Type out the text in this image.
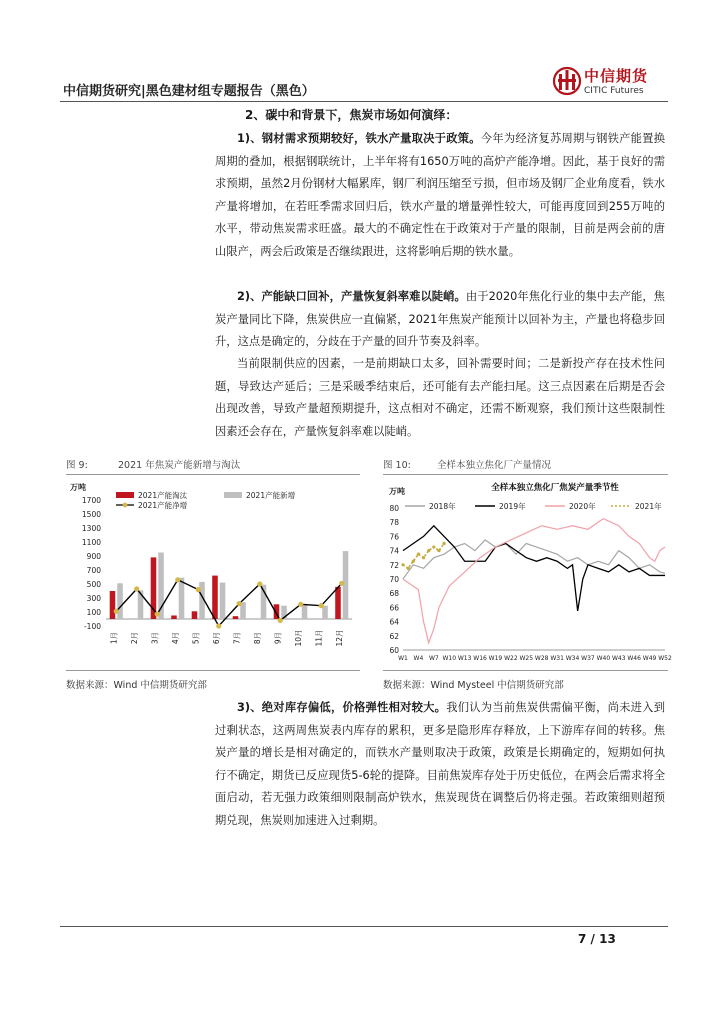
中信期货研究|黑色建材组专题报告（黑色）
中信期货
CITIC Futures
2、碳中和背景下，焦炭市场如何演绎：
1)、钢材需求预期较好，铁水产量取决于政策。今年为经济复苏周期与钢铁产能置换周期的叠加，根据钢联统计，上半年将有1650万吨的高炉产能净增。因此，基于良好的需求预期，虽然2月份钢材大幅累库，钢厂利润压缩至亏损，但市场及钢厂企业角度看，铁水产量将增加，在若旺季需求回归后，铁水产量的增量弹性较大，可能再度回到255万吨的水平，带动焦炭需求旺盛。最大的不确定性在于政策对于产量的限制，目前是两会前的唐山限产，两会后政策是否继续跟进，这将影响后期的铁水量。
2)、产能缺口回补，产量恢复斜率难以陡峭。由于2020年焦化行业的集中去产能，焦炭产量同比下降，焦炭供应一直偏紧，2021年焦炭产能预计以回补为主，产量也将稳步回升，这点是确定的，分歧在于产量的回升节奏及斜率。
当前限制供应的因素，一是前期缺口太多，回补需要时间；二是新投产存在技术性问题，导致达产延后；三是采暖季结束后，还可能有去产能扫尾。这三点因素在后期是否会出现改善，导致产量超预期提升，这点相对不确定，还需不断观察，我们预计这些限制性因素还会存在，产量恢复斜率难以陡峭。
图 9:	2021 年焦炭产能新增与淘汰
万吨
-100
100
300
500
700
900
1100
1300
1500
1700
1月 2月 3月 4月 5月 6月 7月 8月 9月 10月 11月 12月
2021产能淘汰	2021产能新增
2021产能净增
数据来源：Wind 中信期货研究部
图 10:	全样本独立焦化厂产量情况
万吨	全样本独立焦化厂焦炭产量季节性
60
62
64
66
68
70
72
74
76
78
80
W1 W4 W7 W10 W13 W16 W19 W22 W25 W28 W31 W34 W37 W40 W43 W46 W49 W52
2018年	2019年	2020年	2021年
数据来源：Wind Mysteel 中信期货研究部
3)、绝对库存偏低，价格弹性相对较大。我们认为当前焦炭供需偏平衡，尚未进入到过剩状态，这两周焦炭表内库存的累积，更多是隐形库存释放，上下游库存间的转移。焦炭产量的增长是相对确定的，而铁水产量则取决于政策，政策是长期确定的，短期如何执行不确定，期货已反应现货5-6轮的提降。目前焦炭库存处于历史低位，在两会后需求将全面启动，若无强力政策细则限制高炉铁水，焦炭现货在调整后仍将走强。若政策细则超预期兑现，焦炭则加速进入过剩期。
7 / 13
